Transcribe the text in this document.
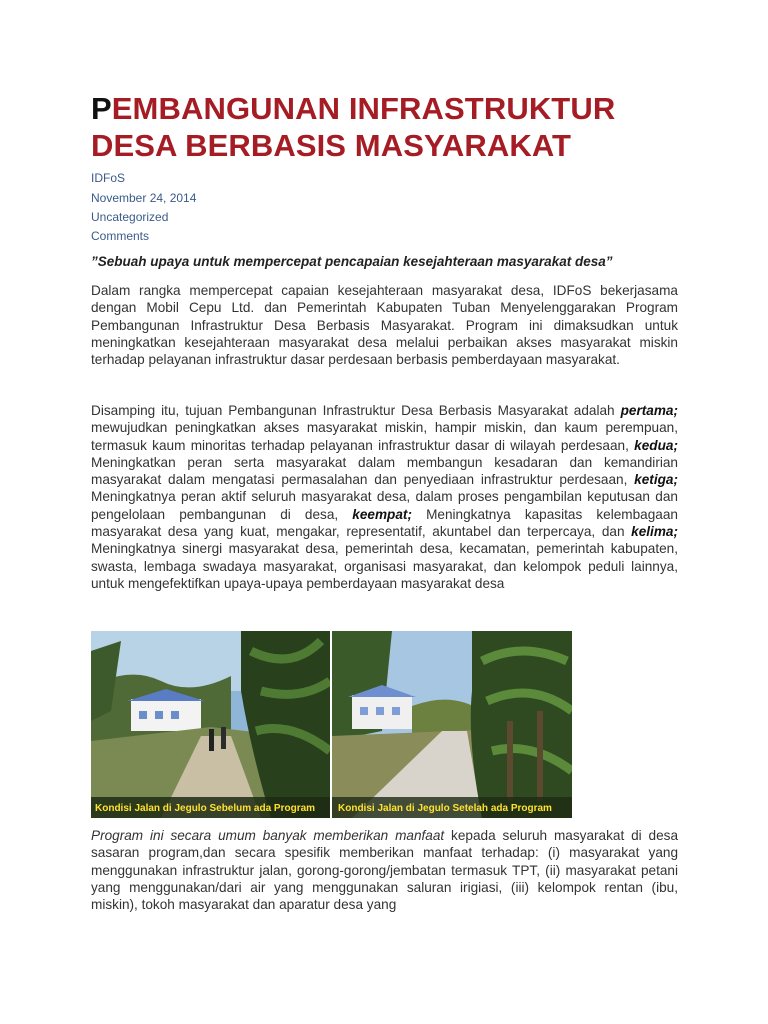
PEMBANGUNAN INFRASTRUKTUR
DESA BERBASIS MASYARAKAT
IDFoS
November 24, 2014
Uncategorized
Comments
”Sebuah upaya untuk mempercepat pencapaian kesejahteraan masyarakat desa”

Dalam rangka mempercepat capaian kesejahteraan masyarakat desa, IDFoS bekerjasama dengan Mobil Cepu Ltd. dan Pemerintah Kabupaten Tuban Menyelenggarakan Program Pembangunan Infrastruktur Desa Berbasis Masyarakat. Program ini dimaksudkan untuk meningkatkan kesejahteraan masyarakat desa melalui perbaikan akses masyarakat miskin terhadap pelayanan infrastruktur dasar perdesaan berbasis pemberdayaan masyarakat.

Disamping itu, tujuan Pembangunan Infrastruktur Desa Berbasis Masyarakat adalah pertama; mewujudkan peningkatkan akses masyarakat miskin, hampir miskin, dan kaum perempuan, termasuk kaum minoritas terhadap pelayanan infrastruktur dasar di wilayah perdesaan, kedua; Meningkatkan peran serta masyarakat dalam membangun kesadaran dan kemandirian masyarakat dalam mengatasi permasalahan dan penyediaan infrastruktur perdesaan, ketiga; Meningkatnya peran aktif seluruh masyarakat desa, dalam proses pengambilan keputusan dan pengelolaan pembangunan di desa, keempat; Meningkatnya kapasitas kelembagaan masyarakat desa yang kuat, mengakar, representatif, akuntabel dan terpercaya, dan kelima; Meningkatnya sinergi masyarakat desa, pemerintah desa, kecamatan, pemerintah kabupaten, swasta, lembaga swadaya masyarakat, organisasi masyarakat, dan kelompok peduli lainnya, untuk mengefektifkan upaya-upaya pemberdayaan masyarakat desa

Kondisi Jalan di Jegulo Sebelum ada Program Kondisi Jalan di Jegulo Setelah ada Program

Program ini secara umum banyak memberikan manfaat kepada seluruh masyarakat di desa sasaran program,dan secara spesifik memberikan manfaat terhadap: (i) masyarakat yang menggunakan infrastruktur jalan, gorong-gorong/jembatan termasuk TPT, (ii) masyarakat petani yang menggunakan/dari air yang menggunakan saluran irigiasi, (iii) kelompok rentan (ibu, miskin), tokoh masyarakat dan aparatur desa yang
